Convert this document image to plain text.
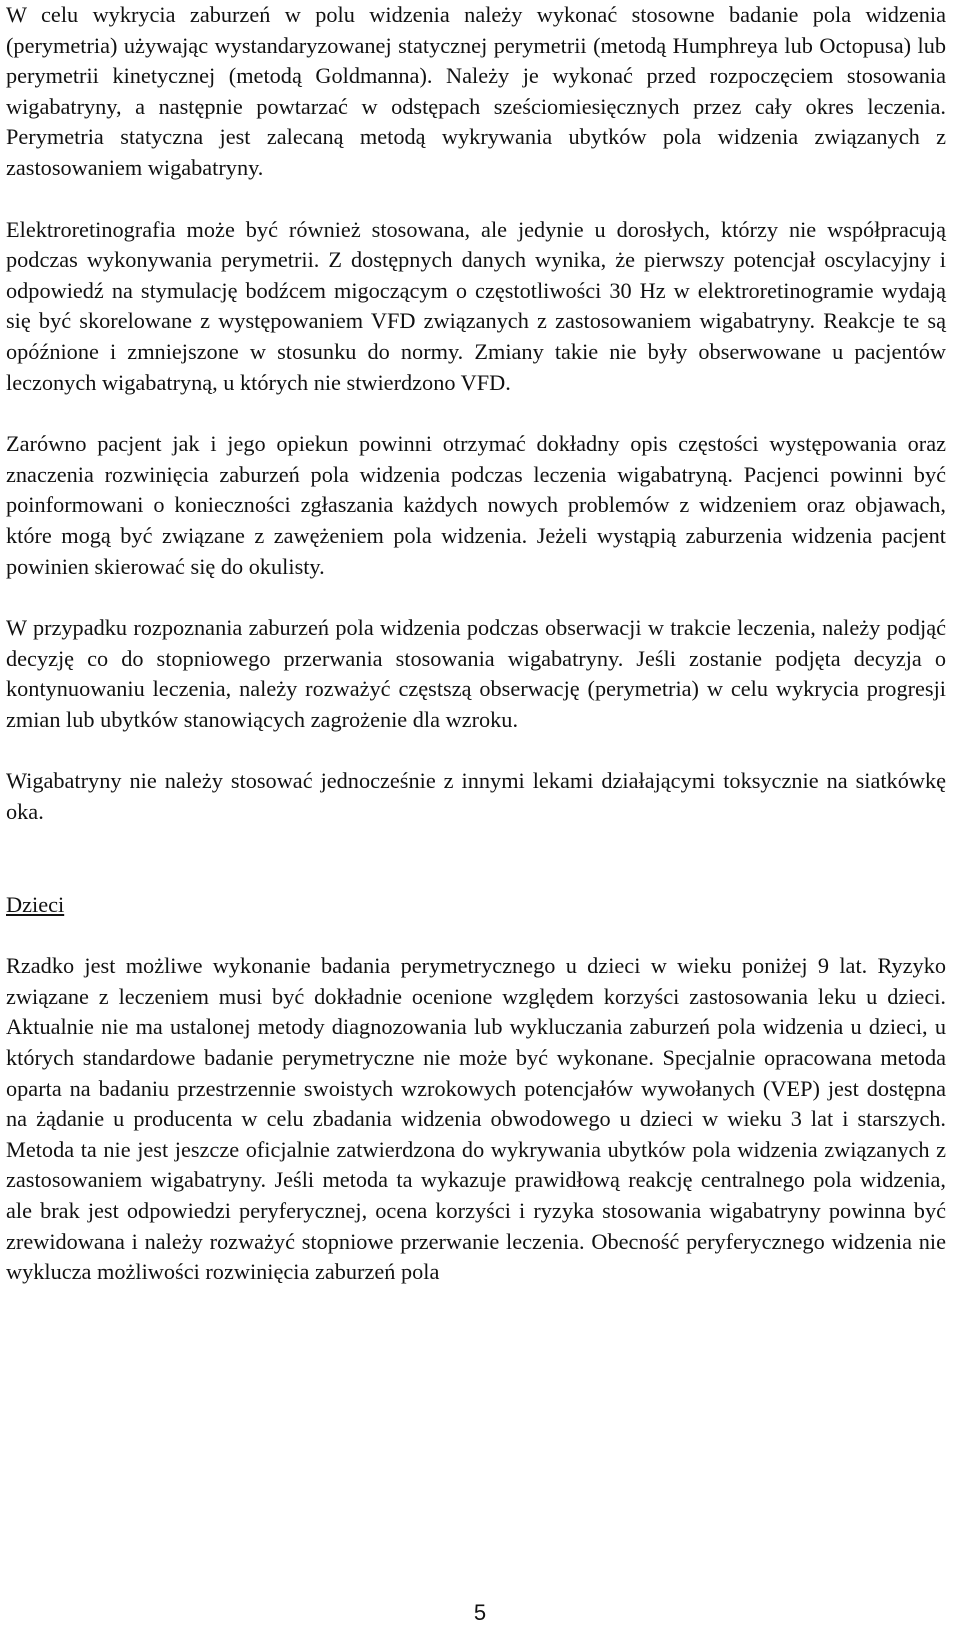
W celu wykrycia zaburzeń w polu widzenia należy wykonać stosowne badanie pola widzenia (perymetria) używając wystandaryzowanej statycznej perymetrii (metodą Humphreya lub Octopusa) lub perymetrii kinetycznej (metodą Goldmanna). Należy je wykonać przed rozpoczęciem stosowania wigabatryny, a następnie powtarzać w odstępach sześciomiesięcznych przez cały okres leczenia. Perymetria statyczna jest zalecaną metodą wykrywania ubytków pola widzenia związanych z zastosowaniem wigabatryny.

Elektroretinografia może być również stosowana, ale jedynie u dorosłych, którzy nie współpracują podczas wykonywania perymetrii. Z dostępnych danych wynika, że pierwszy potencjał oscylacyjny i odpowiedź na stymulację bodźcem migoczącym o częstotliwości 30 Hz w elektroretinogramie wydają się być skorelowane z występowaniem VFD związanych z zastosowaniem wigabatryny. Reakcje te są opóźnione i zmniejszone w stosunku do normy. Zmiany takie nie były obserwowane u pacjentów leczonych wigabatryną, u których nie stwierdzono VFD.

Zarówno pacjent jak i jego opiekun powinni otrzymać dokładny opis częstości występowania oraz znaczenia rozwinięcia zaburzeń pola widzenia podczas leczenia wigabatryną. Pacjenci powinni być poinformowani o konieczności zgłaszania każdych nowych problemów z widzeniem oraz objawach, które mogą być związane z zawężeniem pola widzenia. Jeżeli wystąpią zaburzenia widzenia pacjent powinien skierować się do okulisty.

W przypadku rozpoznania zaburzeń pola widzenia podczas obserwacji w trakcie leczenia, należy podjąć decyzję co do stopniowego przerwania stosowania wigabatryny. Jeśli zostanie podjęta decyzja o kontynuowaniu leczenia, należy rozważyć częstszą obserwację (perymetria) w celu wykrycia progresji zmian lub ubytków stanowiących zagrożenie dla wzroku.

Wigabatryny nie należy stosować jednocześnie z innymi lekami działającymi toksycznie na siatkówkę oka.

Dzieci

Rzadko jest możliwe wykonanie badania perymetrycznego u dzieci w wieku poniżej 9 lat. Ryzyko związane z leczeniem musi być dokładnie ocenione względem korzyści zastosowania leku u dzieci. Aktualnie nie ma ustalonej metody diagnozowania lub wykluczania zaburzeń pola widzenia u dzieci, u których standardowe badanie perymetryczne nie może być wykonane. Specjalnie opracowana metoda oparta na badaniu przestrzennie swoistych wzrokowych potencjałów wywołanych (VEP) jest dostępna na żądanie u producenta w celu zbadania widzenia obwodowego u dzieci w wieku 3 lat i starszych. Metoda ta nie jest jeszcze oficjalnie zatwierdzona do wykrywania ubytków pola widzenia związanych z zastosowaniem wigabatryny. Jeśli metoda ta wykazuje prawidłową reakcję centralnego pola widzenia, ale brak jest odpowiedzi peryferycznej, ocena korzyści i ryzyka stosowania wigabatryny powinna być zrewidowana i należy rozważyć stopniowe przerwanie leczenia. Obecność peryferycznego widzenia nie wyklucza możliwości rozwinięcia zaburzeń pola

5
